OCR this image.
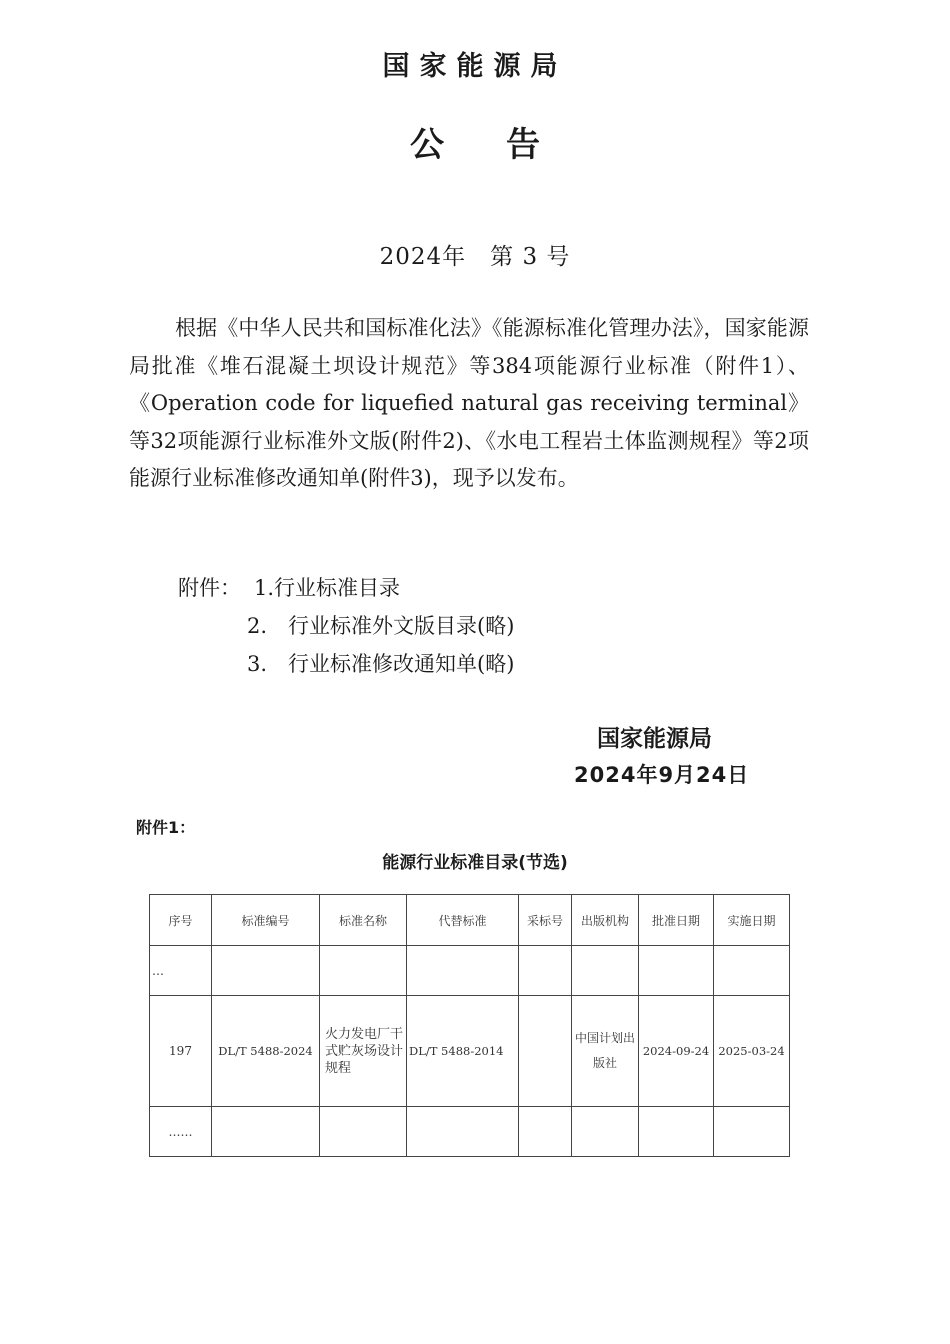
国家能源局
公告
2024年　第 3 号
根据《中华人民共和国标准化法》《能源标准化管理办法》，国家能源局批准《堆石混凝土坝设计规范》等384项能源行业标准（附件1）、《Operation code for liquefied natural gas receiving terminal》等32项能源行业标准外文版(附件2)、《水电工程岩土体监测规程》等2项能源行业标准修改通知单(附件3)，现予以发布。
附件： 1.行业标准目录
2.　行业标准外文版目录(略)
3.　行业标准修改通知单(略)
国家能源局
2024年9月24日
附件1：
能源行业标准目录(节选)
序号	标准编号	标准名称	代替标准	采标号	出版机构	批准日期	实施日期
…							
197	DL/T 5488-2024	火力发电厂干式贮灰场设计规程	DL/T 5488-2014		中国计划出版社	2024-09-24	2025-03-24
……							
